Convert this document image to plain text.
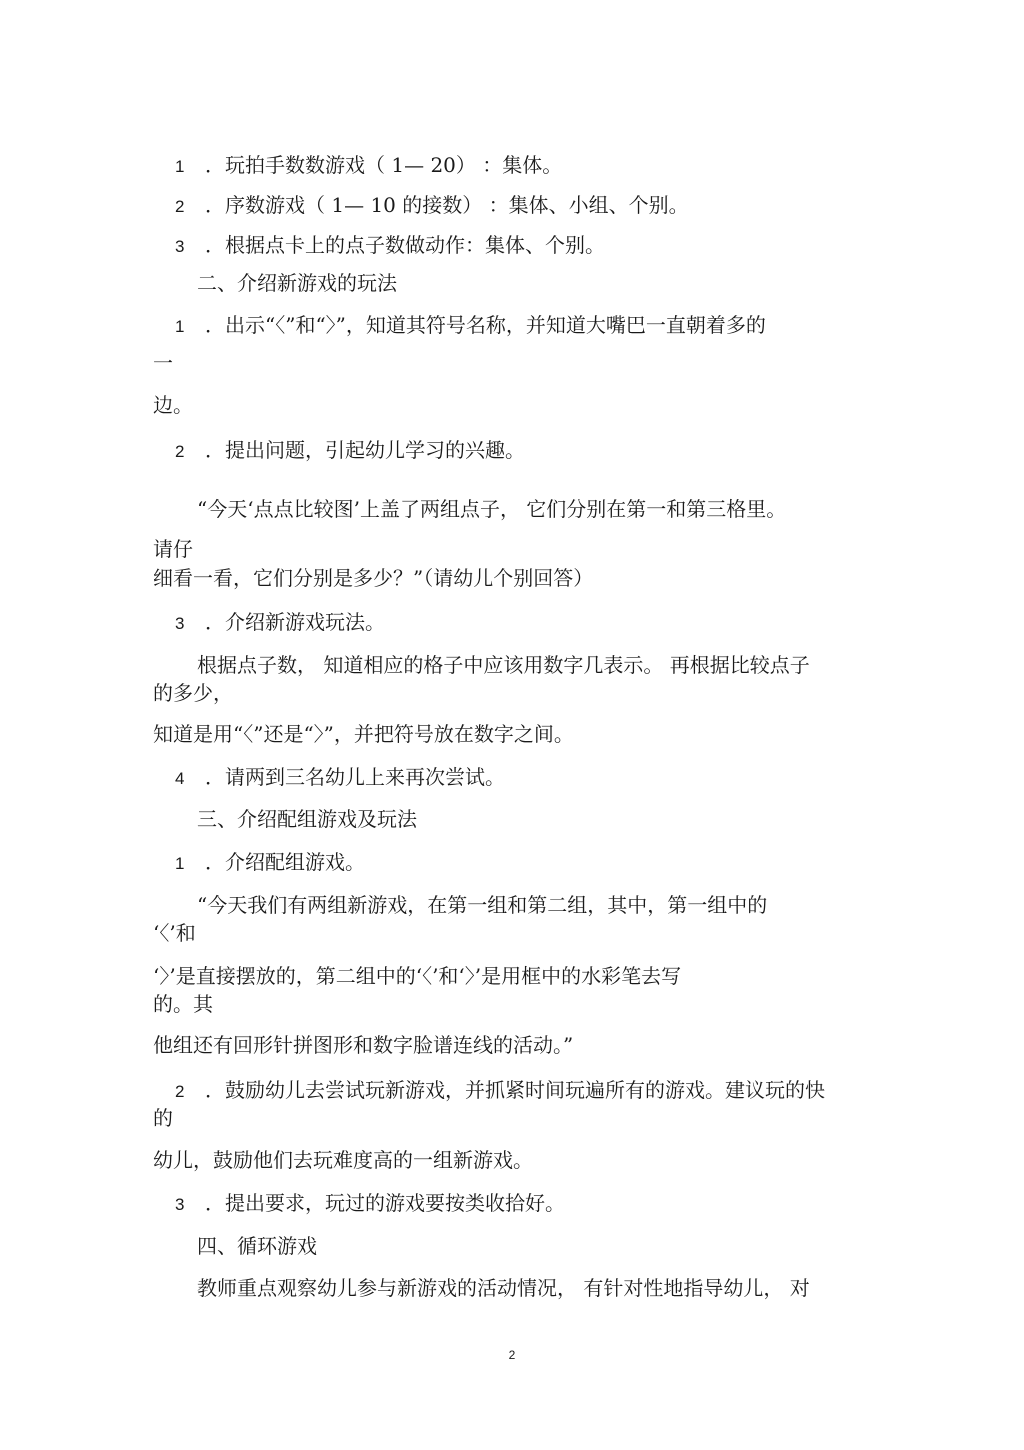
1 ．玩拍手数数游戏（ 1— 20） ：集体。
2 ．序数游戏（ 1— 10 的接数） ：集体、小组、个别。
3 ．根据点卡上的点子数做动作：集体、个别。
二、介绍新游戏的玩法
1 ．出示“〈”和“〉”，知道其符号名称，并知道大嘴巴一直朝着多的
一
边。
2 ．提出问题，引起幼儿学习的兴趣。
“今天‘点点比较图’上盖了两组点子， 它们分别在第一和第三格里。
请仔
细看一看，它们分别是多少？”（请幼儿个别回答）
3 ．介绍新游戏玩法。
根据点子数， 知道相应的格子中应该用数字几表示。 再根据比较点子
的多少，
知道是用“〈”还是“〉”，并把符号放在数字之间。
4 ．请两到三名幼儿上来再次尝试。
三、介绍配组游戏及玩法
1 ．介绍配组游戏。
“今天我们有两组新游戏，在第一组和第二组，其中，第一组中的
‘〈’和
‘〉’是直接摆放的，第二组中的‘〈’和‘〉’是用框中的水彩笔去写
的。其
他组还有回形针拼图形和数字脸谱连线的活动。”
2 ．鼓励幼儿去尝试玩新游戏，并抓紧时间玩遍所有的游戏。建议玩的快
的
幼儿，鼓励他们去玩难度高的一组新游戏。
3 ．提出要求，玩过的游戏要按类收拾好。
四、循环游戏
教师重点观察幼儿参与新游戏的活动情况， 有针对性地指导幼儿， 对
2
